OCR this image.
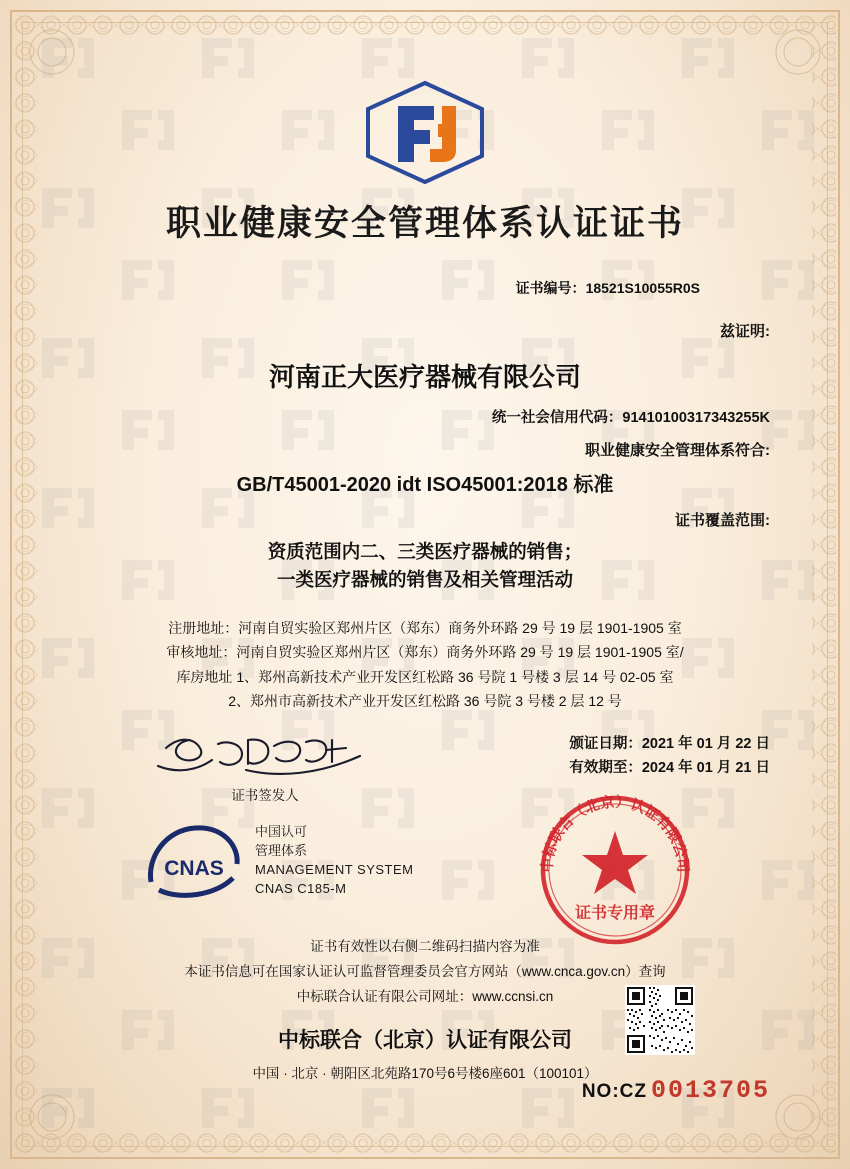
职业健康安全管理体系认证证书
证书编号：18521S10055R0S
兹证明:
河南正大医疗器械有限公司
统一社会信用代码：91410100317343255K
职业健康安全管理体系符合:
GB/T45001-2020 idt ISO45001:2018 标准
证书覆盖范围:
资质范围内二、三类医疗器械的销售；
一类医疗器械的销售及相关管理活动
注册地址：河南自贸实验区郑州片区（郑东）商务外环路 29 号 19 层 1901-1905 室
审核地址：河南自贸实验区郑州片区（郑东）商务外环路 29 号 19 层 1901-1905 室/
库房地址 1、郑州高新技术产业开发区红松路 36 号院 1 号楼 3 层 14 号 02-05 室
2、郑州市高新技术产业开发区红松路 36 号院 3 号楼 2 层 12 号
颁证日期：2021 年 01 月 22 日
有效期至：2024 年 01 月 21 日
证书签发人
CNAS
中国认可
管理体系
MANAGEMENT SYSTEM
CNAS C185-M
中标联合（北京）认证有限公司
证书专用章
证书有效性以右侧二维码扫描内容为准
本证书信息可在国家认证认可监督管理委员会官方网站（www.cnca.gov.cn）查询
中标联合认证有限公司网址：www.ccnsi.cn
中标联合（北京）认证有限公司
中国 · 北京 · 朝阳区北苑路170号6号楼6座601（100101）
NO:CZ 0013705
